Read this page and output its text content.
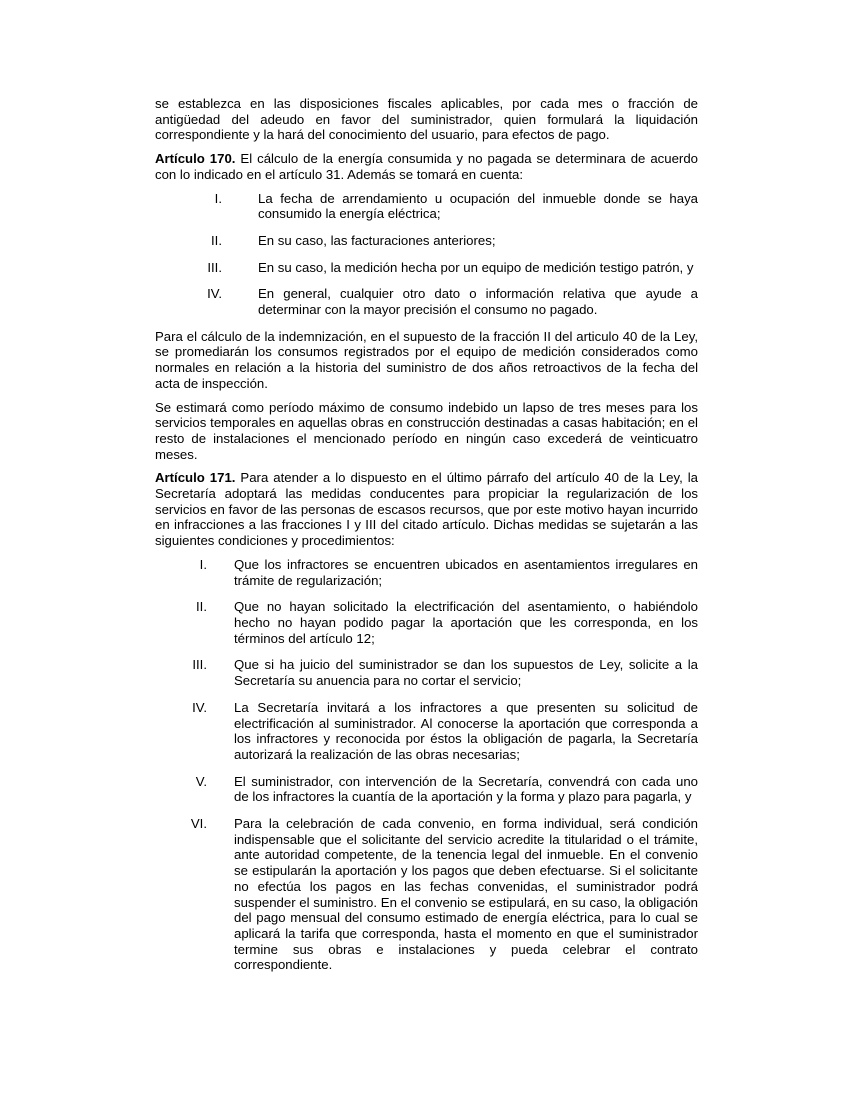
se establezca en las disposiciones fiscales aplicables, por cada mes o fracción de antigüedad del adeudo en favor del suministrador, quien formulará la liquidación correspondiente y la hará del conocimiento del usuario, para efectos de pago.

Artículo 170. El cálculo de la energía consumida y no pagada se determinara de acuerdo con lo indicado en el artículo 31. Además se tomará en cuenta:

I.	La fecha de arrendamiento u ocupación del inmueble donde se haya consumido la energía eléctrica;
II.	En su caso, las facturaciones anteriores;
III.	En su caso, la medición hecha por un equipo de medición testigo patrón, y
IV.	En general, cualquier otro dato o información relativa que ayude a determinar con la mayor precisión el consumo no pagado.

Para el cálculo de la indemnización, en el supuesto de la fracción II del articulo 40 de la Ley, se promediarán los consumos registrados por el equipo de medición considerados como normales en relación a la historia del suministro de dos años retroactivos de la fecha del acta de inspección.

Se estimará como período máximo de consumo indebido un lapso de tres meses para los servicios temporales en aquellas obras en construcción destinadas a casas habitación; en el resto de instalaciones el mencionado período en ningún caso excederá de veinticuatro meses.

Artículo 171. Para atender a lo dispuesto en el último párrafo del artículo 40 de la Ley, la Secretaría adoptará las medidas conducentes para propiciar la regularización de los servicios en favor de las personas de escasos recursos, que por este motivo hayan incurrido en infracciones a las fracciones I y III del citado artículo. Dichas medidas se sujetarán a las siguientes condiciones y procedimientos:

I. Que los infractores se encuentren ubicados en asentamientos irregulares en trámite de regularización;
II. Que no hayan solicitado la electrificación del asentamiento, o habiéndolo hecho no hayan podido pagar la aportación que les corresponda, en los términos del artículo 12;
III. Que si ha juicio del suministrador se dan los supuestos de Ley, solicite a la Secretaría su anuencia para no cortar el servicio;
IV. La Secretaría invitará a los infractores a que presenten su solicitud de electrificación al suministrador. Al conocerse la aportación que corresponda a los infractores y reconocida por éstos la obligación de pagarla, la Secretaría autorizará la realización de las obras necesarias;
V. El suministrador, con intervención de la Secretaría, convendrá con cada uno de los infractores la cuantía de la aportación y la forma y plazo para pagarla, y
VI. Para la celebración de cada convenio, en forma individual, será condición indispensable que el solicitante del servicio acredite la titularidad o el trámite, ante autoridad competente, de la tenencia legal del inmueble. En el convenio se estipularán la aportación y los pagos que deben efectuarse. Si el solicitante no efectúa los pagos en las fechas convenidas, el suministrador podrá suspender el suministro. En el convenio se estipulará, en su caso, la obligación del pago mensual del consumo estimado de energía eléctrica, para lo cual se aplicará la tarifa que corresponda, hasta el momento en que el suministrador termine sus obras e instalaciones y pueda celebrar el contrato correspondiente.
